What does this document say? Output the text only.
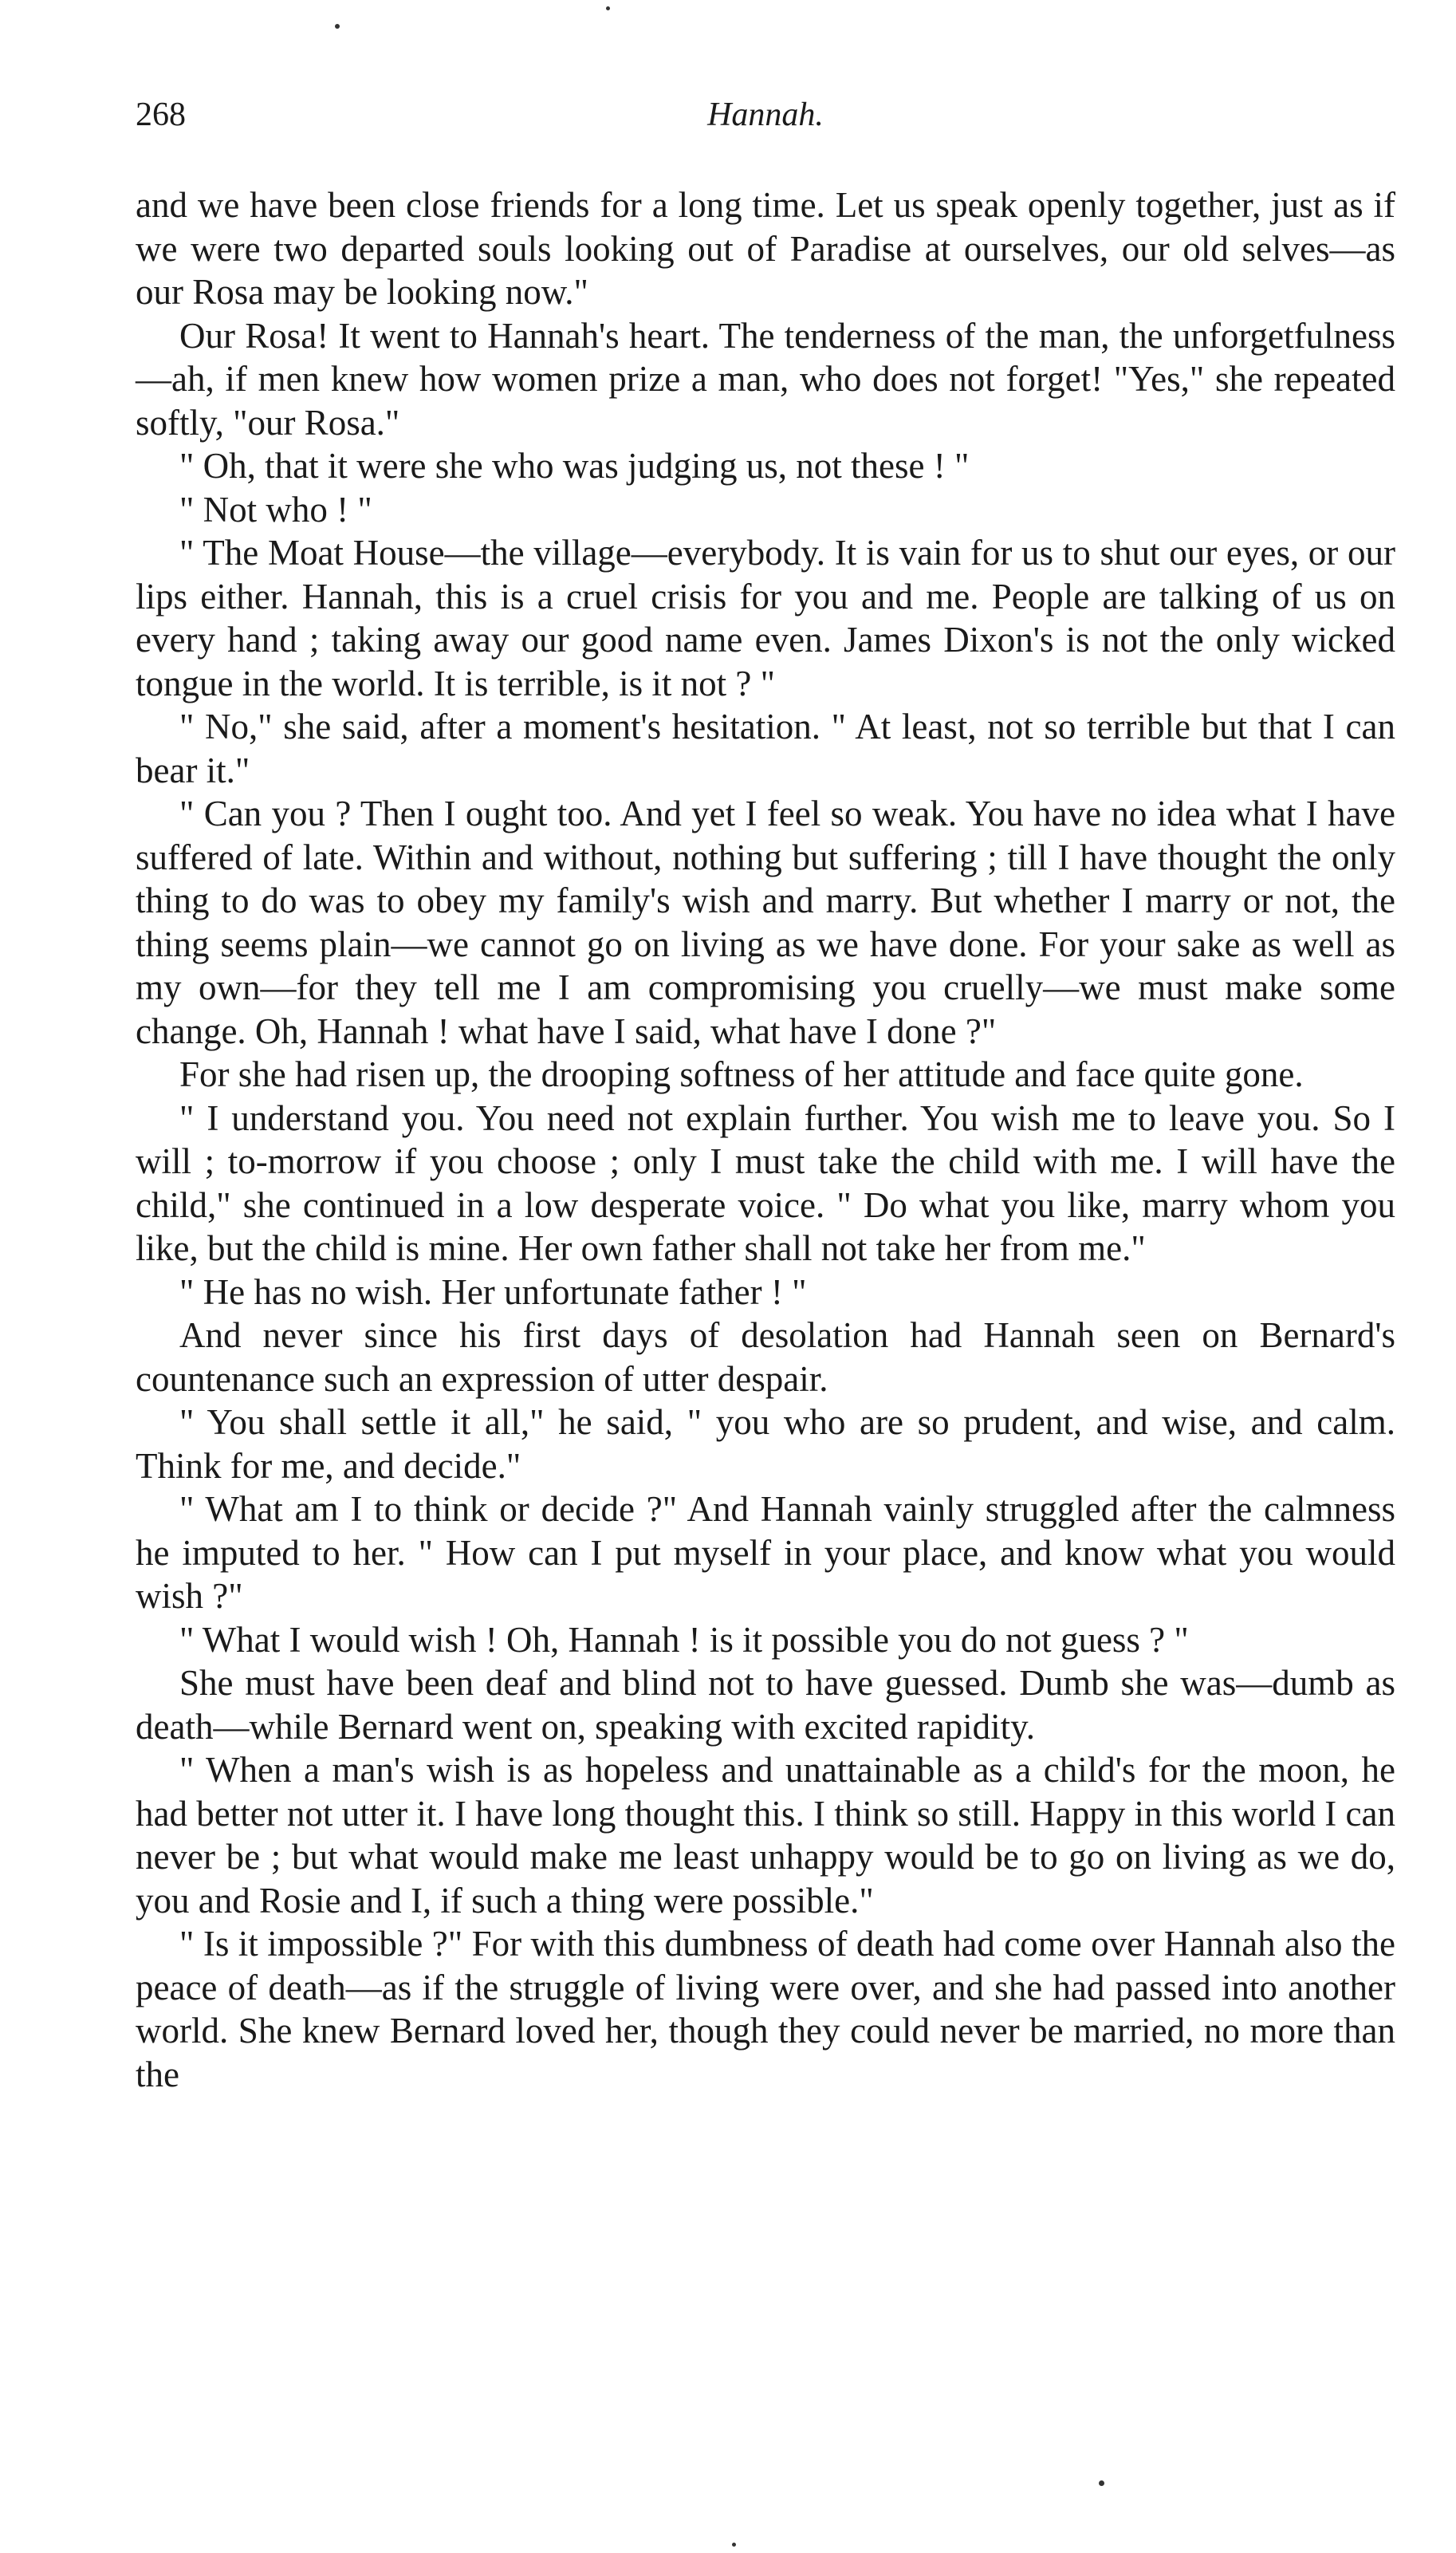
268	Hannah.

and we have been close friends for a long time. Let us speak openly together, just as if we were two departed souls looking out of Paradise at ourselves, our old selves—as our Rosa may be looking now."

Our Rosa! It went to Hannah's heart. The tenderness of the man, the unforgetfulness—ah, if men knew how women prize a man, who does not forget! "Yes," she repeated softly, "our Rosa."

" Oh, that it were she who was judging us, not these ! "

" Not who ! "

" The Moat House—the village—everybody. It is vain for us to shut our eyes, or our lips either. Hannah, this is a cruel crisis for you and me. People are talking of us on every hand ; taking away our good name even. James Dixon's is not the only wicked tongue in the world. It is terrible, is it not ? "

" No," she said, after a moment's hesitation. " At least, not so terrible but that I can bear it."

" Can you ? Then I ought too. And yet I feel so weak. You have no idea what I have suffered of late. Within and without, nothing but suffering ; till I have thought the only thing to do was to obey my family's wish and marry. But whether I marry or not, the thing seems plain—we cannot go on living as we have done. For your sake as well as my own—for they tell me I am compromising you cruelly—we must make some change. Oh, Hannah ! what have I said, what have I done ?"

For she had risen up, the drooping softness of her attitude and face quite gone.

" I understand you. You need not explain further. You wish me to leave you. So I will ; to-morrow if you choose ; only I must take the child with me. I will have the child," she continued in a low desperate voice. " Do what you like, marry whom you like, but the child is mine. Her own father shall not take her from me."

" He has no wish. Her unfortunate father ! "

And never since his first days of desolation had Hannah seen on Bernard's countenance such an expression of utter despair.

" You shall settle it all," he said, " you who are so prudent, and wise, and calm. Think for me, and decide."

" What am I to think or decide ?" And Hannah vainly struggled after the calmness he imputed to her. " How can I put myself in your place, and know what you would wish ?"

" What I would wish ! Oh, Hannah ! is it possible you do not guess ? "

She must have been deaf and blind not to have guessed. Dumb she was—dumb as death—while Bernard went on, speaking with excited rapidity.

" When a man's wish is as hopeless and unattainable as a child's for the moon, he had better not utter it. I have long thought this. I think so still. Happy in this world I can never be ; but what would make me least unhappy would be to go on living as we do, you and Rosie and I, if such a thing were possible."

" Is it impossible ?" For with this dumbness of death had come over Hannah also the peace of death—as if the struggle of living were over, and she had passed into another world. She knew Bernard loved her, though they could never be married, no more than the
